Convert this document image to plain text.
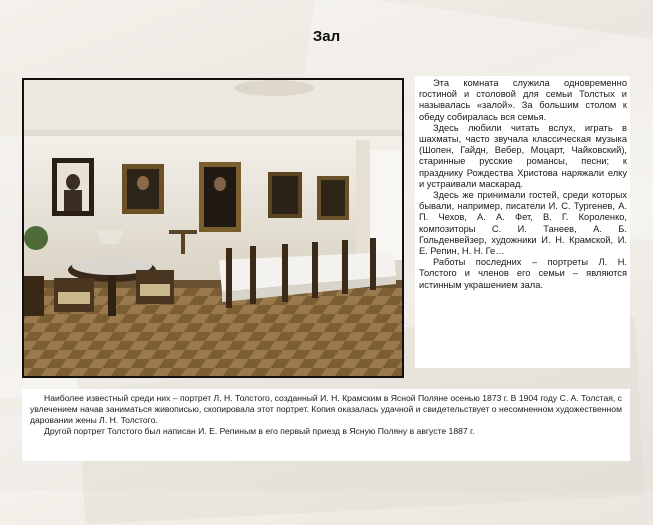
Зал

Эта комната служила одновременно гостиной и столовой для семьи Толстых и называлась «залой». За большим столом к обеду собиралась вся семья.

Здесь любили читать вслух, играть в шахматы, часто звучала классическая музыка (Шопен, Гайдн, Вебер, Моцарт, Чайковский), старинные русские романсы, песни; к празднику Рождества Христова наряжали елку и устраивали маскарад.

Здесь же принимали гостей, среди которых бывали, например, писатели И. С. Тургенев, А. П. Чехов, А. А. Фет, В. Г. Короленко, композиторы С. И. Танеев, А. Б. Гольденвейзер, художники И. Н. Крамской, И. Е. Репин, Н. Н. Ге…

Работы последних – портреты Л. Н. Толстого и членов его семьи – являются истинным украшением зала.

Наиболее известный среди них – портрет Л. Н. Толстого, созданный И. Н. Крамским в Ясной Поляне осенью 1873 г. В 1904 году С. А. Толстая, с увлечением начав заниматься живописью, скопировала этот портрет. Копия оказалась удачной и свидетельствует о несомненном художественном даровании жены Л. Н. Толстого.

Другой портрет Толстого был написан И. Е. Репиным в его первый приезд в Ясную Поляну в августе 1887 г.
